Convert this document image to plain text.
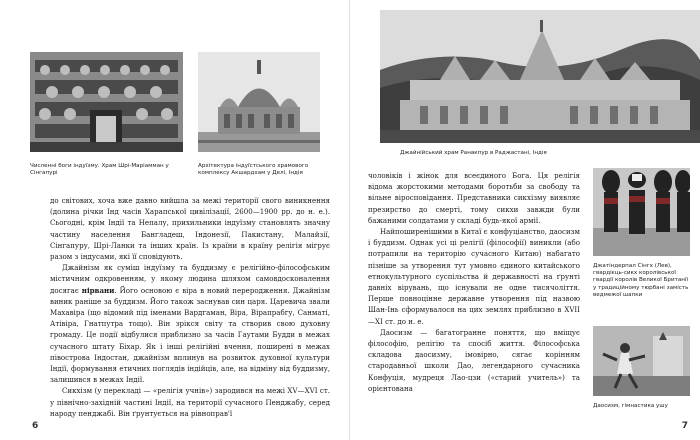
Численні боги індуїзму. Храм Шрі-Маріамман у Сінгапурі
Архітектура індуїстського храмового комплексу Акшардхам у Делі, Індія

до світових, хоча вже давно вийшла за межі території свого виникнення (долина річки Інд часів Харапської цивілізації, 2600—1900 рр. до н. е.). Сьогодні, крім Індії та Непалу, прихильники індуїзму становлять значну частину населення Бангладеш, Індонезії, Пакистану, Малайзії, Сінгапуру, Шрі-Ланки та інших країн. Із країни в країну релігія мігрує разом з індусами, які її сповідують.

Джайнізм як суміш індуїзму та буддизму є релігійно-філософським містичним одкровенням, у якому людина шляхом самовдосконалення досягає нірвани. Його основою є віра в новий переродження. Джайнізм виник раніше за буддизм. Його також заснував син царя. Царевича звали Махавіра (що відомий під іменами Вардгаман, Віра, Вірапрабгу, Санматі, Атівіра, Гнатпутра тощо). Він зрікся світу та створив свою духовну громаду. Це події відбулися приблизно за часів Гаутами Будди в межах сучасного штату Біхар. Як і інші релігійні вчення, поширені в межах півострова Індостан, джайнізм вплинув на розвиток духовної культури Індії, формування етичних поглядів індійців, але, на відміну від буддизму, залишився в межах Індії.

Сикхізм (у перекладі — «релігія учнів») зародився на межі XV—XVI ст. у північно-західній частині Індії, на території сучасного Пенджабу, серед народу пенджабі. Він ґрунтується на рівноправ'ї

6
Джайнійський храм Ранакпур в Раджастані, Індія
Джатіндерпал Сінгх (Лев), гвардієць-сикх королівської гвардії королів Великої Британії у традиційному тюрбані замість ведмежої шапки
Даосизм, гімнастика ушу

чоловіків і жінок для всеєдиного Бога. Ця релігія відома жорстокими методами боротьби за свободу та вільне віросповідання. Представники сикхізму виявляє презирство до смерті, тому сикхи завжди були бажаними солдатами у складі будь-якої армії.

Найпоширенішими в Китаї є конфуціанство, даосизм і буддизм. Однак усі ці релігії (філософії) виникли (або потрапили на територію сучасного Китаю) набагато пізніше за утворення тут умовно єдиного китайського етнокультурного суспільства й державності на ґрунті давніх вірувань, що існували не одне тисячоліття. Перше повноцінне державне утворення під назвою Шан-Інь сформувалося на цих землях приблизно в XVII—XI ст. до н. е.

Даосизм — багатогранне поняття, що вміщує філософію, релігію та спосіб життя. Філософська складова даосизму, імовірно, сягає корінням стародавньої школи Дао, легендарного сучасника Конфуція, мудреця Лао-цзи («старий учитель») та орієнтована

7
